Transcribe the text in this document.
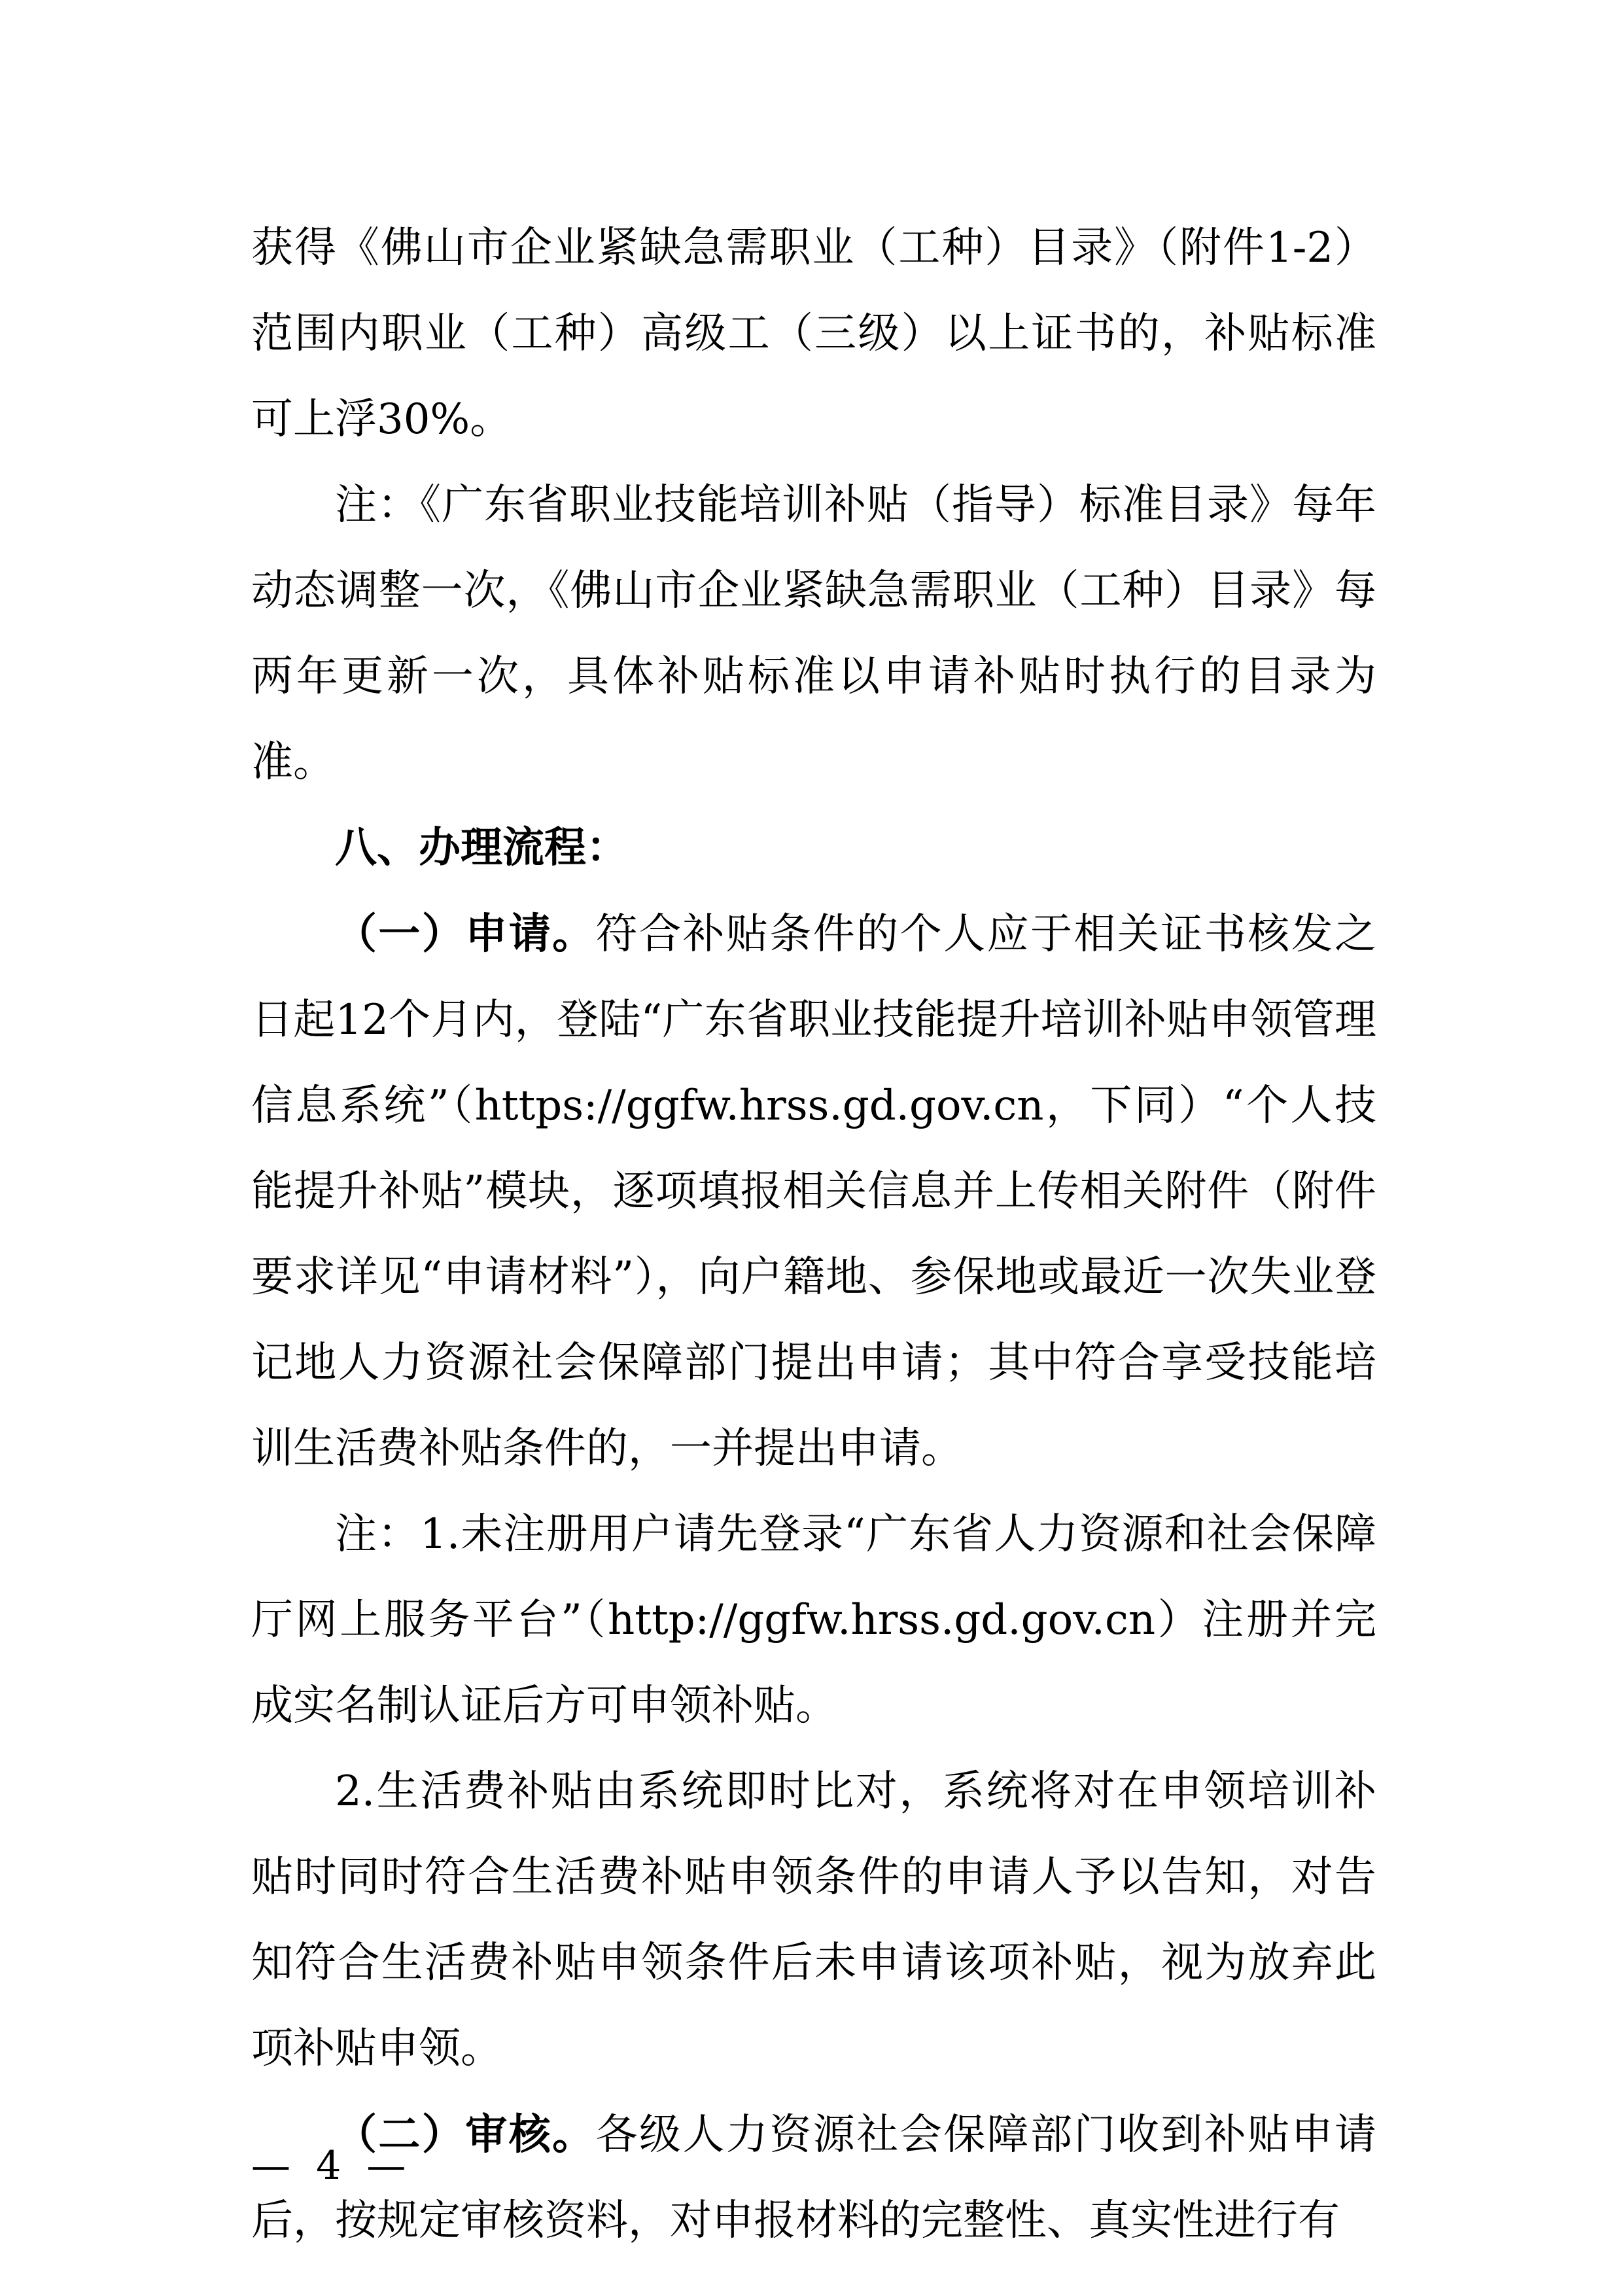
获得《佛山市企业紧缺急需职业（工种）目录》（附件1-2）范围内职业（工种）高级工（三级）以上证书的，补贴标准可上浮30%。

注：《广东省职业技能培训补贴（指导）标准目录》每年动态调整一次，《佛山市企业紧缺急需职业（工种）目录》每两年更新一次，具体补贴标准以申请补贴时执行的目录为准。

八、办理流程：

（一）申请。符合补贴条件的个人应于相关证书核发之日起12个月内，登陆“广东省职业技能提升培训补贴申领管理信息系统”（https://ggfw.hrss.gd.gov.cn，下同）“个人技能提升补贴”模块，逐项填报相关信息并上传相关附件（附件要求详见“申请材料”），向户籍地、参保地或最近一次失业登记地人力资源社会保障部门提出申请；其中符合享受技能培训生活费补贴条件的，一并提出申请。

注：1.未注册用户请先登录“广东省人力资源和社会保障厅网上服务平台”（http://ggfw.hrss.gd.gov.cn）注册并完成实名制认证后方可申领补贴。

2.生活费补贴由系统即时比对，系统将对在申领培训补贴时同时符合生活费补贴申领条件的申请人予以告知，对告知符合生活费补贴申领条件后未申请该项补贴，视为放弃此项补贴申领。

（二）审核。各级人力资源社会保障部门收到补贴申请后，按规定审核资料，对申报材料的完整性、真实性进行有

— 4 —
